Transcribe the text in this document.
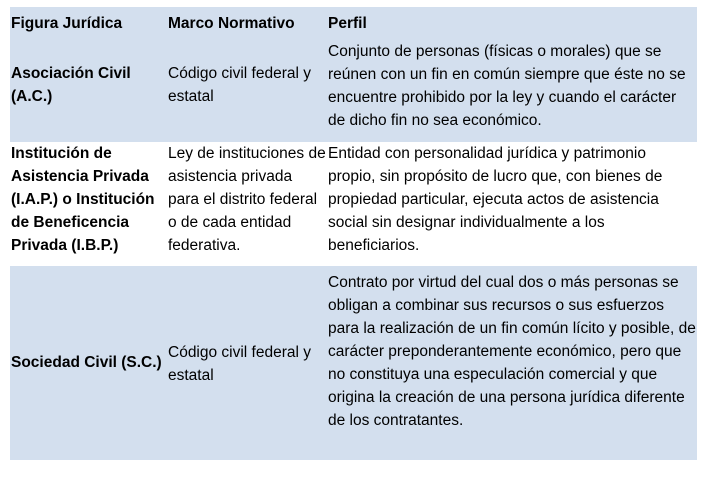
Figura Jurídica	Marco Normativo	Perfil
Asociación Civil (A.C.)
Código civil federal y estatal
Conjunto de personas (físicas o morales) que se reúnen con un fin en común siempre que éste no se encuentre prohibido por la ley y cuando el carácter de dicho fin no sea económico.
Institución de Asistencia Privada (I.A.P.) o Institución de Beneficencia Privada (I.B.P.)
Ley de instituciones de asistencia privada para el distrito federal o de cada entidad federativa.
Entidad con personalidad jurídica y patrimonio propio, sin propósito de lucro que, con bienes de propiedad particular, ejecuta actos de asistencia social sin designar individualmente a los beneficiarios.
Sociedad Civil (S.C.)
Código civil federal y estatal
Contrato por virtud del cual dos o más personas se obligan a combinar sus recursos o sus esfuerzos para la realización de un fin común lícito y posible, de carácter preponderantemente económico, pero que no constituya una especulación comercial y que origina la creación de una persona jurídica diferente de los contratantes.
